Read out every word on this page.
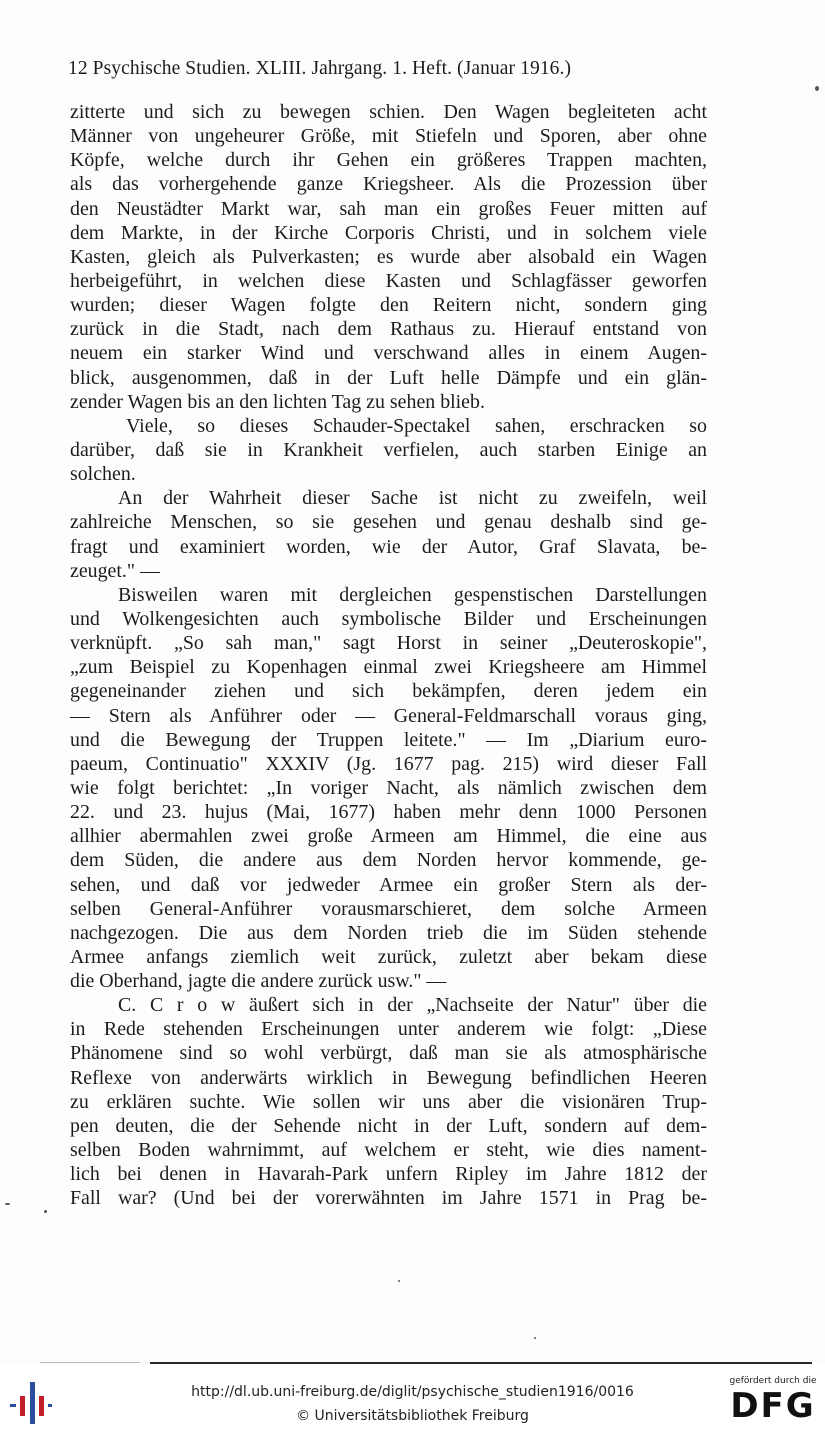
12 Psychische Studien. XLIII. Jahrgang. 1. Heft. (Januar 1916.)
zitterte und sich zu bewegen schien. Den Wagen begleiteten acht
Männer von ungeheurer Größe, mit Stiefeln und Sporen, aber ohne
Köpfe, welche durch ihr Gehen ein größeres Trappen machten,
als das vorhergehende ganze Kriegsheer. Als die Prozession über
den Neustädter Markt war, sah man ein großes Feuer mitten auf
dem Markte, in der Kirche Corporis Christi, und in solchem viele
Kasten, gleich als Pulverkasten; es wurde aber alsobald ein Wagen
herbeigeführt, in welchen diese Kasten und Schlagfässer geworfen
wurden; dieser Wagen folgte den Reitern nicht, sondern ging
zurück in die Stadt, nach dem Rathaus zu. Hierauf entstand von
neuem ein starker Wind und verschwand alles in einem Augen-
blick, ausgenommen, daß in der Luft helle Dämpfe und ein glän-
zender Wagen bis an den lichten Tag zu sehen blieb.
Viele, so dieses Schauder-Spectakel sahen, erschracken so
darüber, daß sie in Krankheit verfielen, auch starben Einige an
solchen.
An der Wahrheit dieser Sache ist nicht zu zweifeln, weil
zahlreiche Menschen, so sie gesehen und genau deshalb sind ge-
fragt und examiniert worden, wie der Autor, Graf Slavata, be-
zeuget." —
Bisweilen waren mit dergleichen gespenstischen Darstellungen
und Wolkengesichten auch symbolische Bilder und Erscheinungen
verknüpft. „So sah man," sagt Horst in seiner „Deuteroskopie",
„zum Beispiel zu Kopenhagen einmal zwei Kriegsheere am Himmel
gegeneinander ziehen und sich bekämpfen, deren jedem ein
— Stern als Anführer oder — General-Feldmarschall voraus ging,
und die Bewegung der Truppen leitete." — Im „Diarium euro-
paeum, Continuatio" XXXIV (Jg. 1677 pag. 215) wird dieser Fall
wie folgt berichtet: „In voriger Nacht, als nämlich zwischen dem
22. und 23. hujus (Mai, 1677) haben mehr denn 1000 Personen
allhier abermahlen zwei große Armeen am Himmel, die eine aus
dem Süden, die andere aus dem Norden hervor kommende, ge-
sehen, und daß vor jedweder Armee ein großer Stern als der-
selben General-Anführer vorausmarschieret, dem solche Armeen
nachgezogen. Die aus dem Norden trieb die im Süden stehende
Armee anfangs ziemlich weit zurück, zuletzt aber bekam diese
die Oberhand, jagte die andere zurück usw." —
C. C r o w äußert sich in der „Nachseite der Natur" über die
in Rede stehenden Erscheinungen unter anderem wie folgt: „Diese
Phänomene sind so wohl verbürgt, daß man sie als atmosphärische
Reflexe von anderwärts wirklich in Bewegung befindlichen Heeren
zu erklären suchte. Wie sollen wir uns aber die visionären Trup-
pen deuten, die der Sehende nicht in der Luft, sondern auf dem-
selben Boden wahrnimmt, auf welchem er steht, wie dies nament-
lich bei denen in Havarah-Park unfern Ripley im Jahre 1812 der
Fall war? (Und bei der vorerwähnten im Jahre 1571 in Prag be-
http://dl.ub.uni-freiburg.de/diglit/psychische_studien1916/0016
© Universitätsbibliothek Freiburg
gefördert durch die
DFG
